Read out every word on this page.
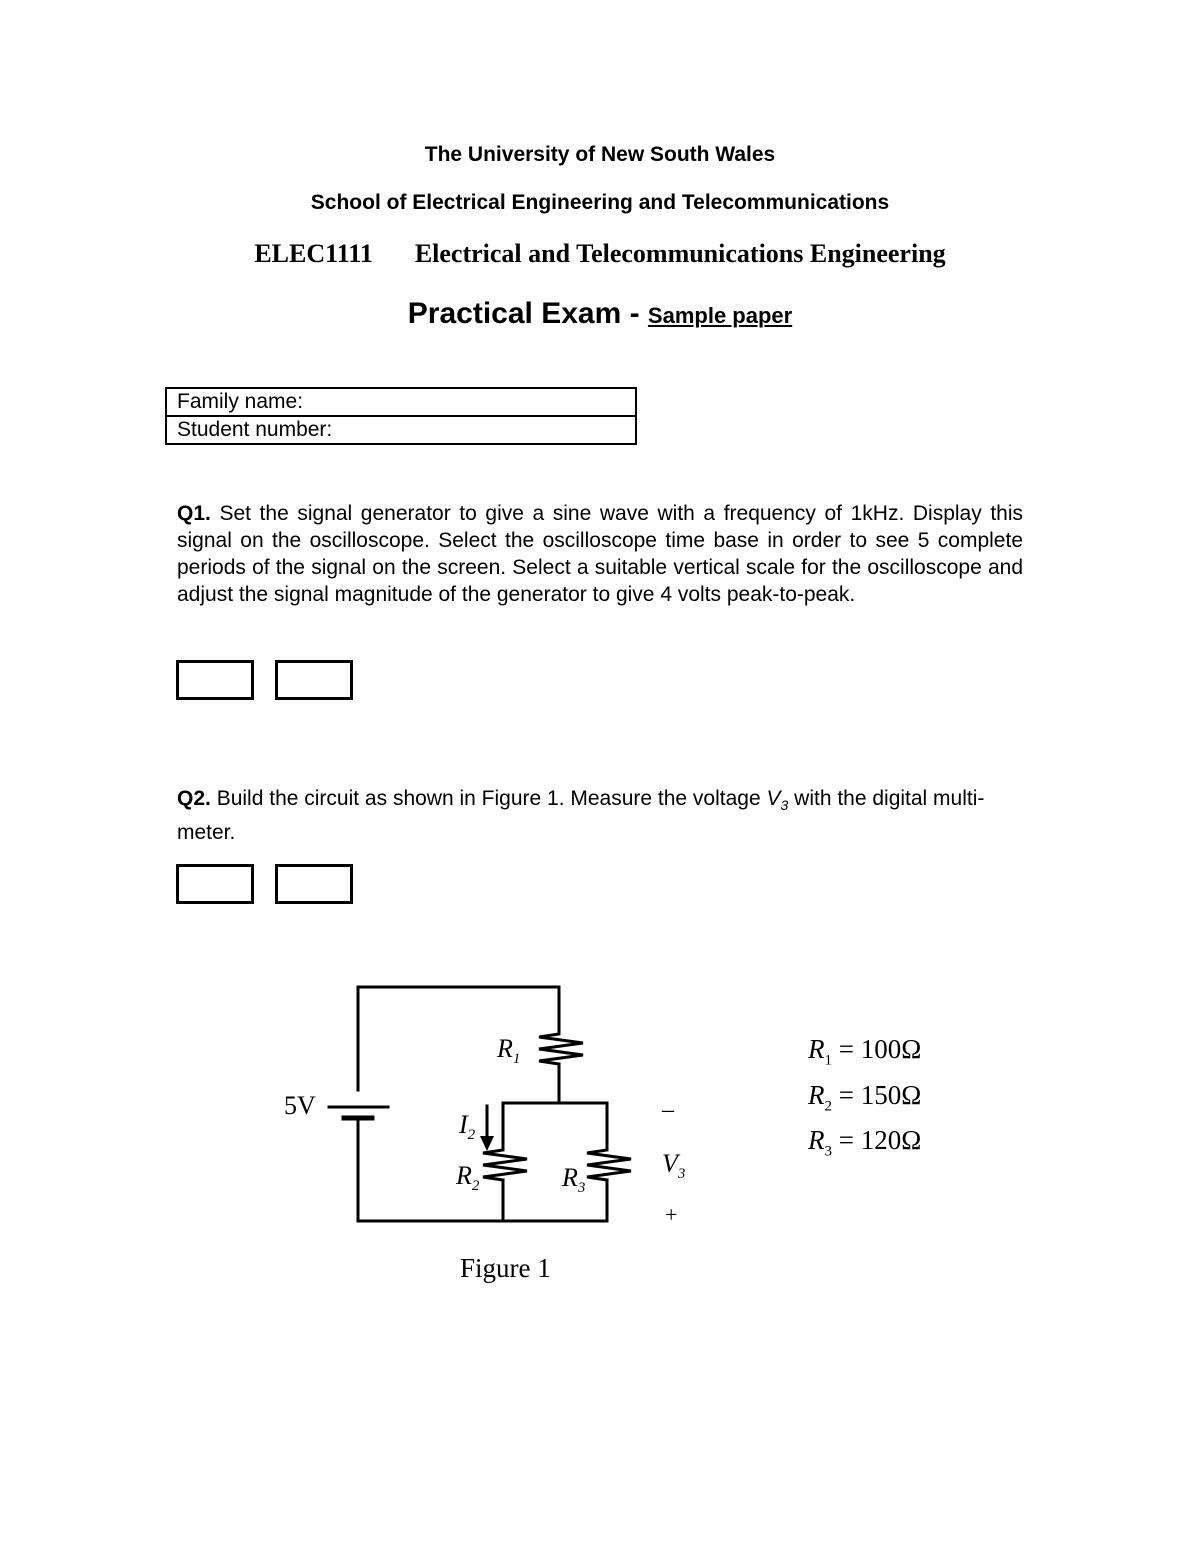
The University of New South Wales
School of Electrical Engineering and Telecommunications
ELEC1111 Electrical and Telecommunications Engineering
Practical Exam - Sample paper
Family name:
Student number:
Q1. Set the signal generator to give a sine wave with a frequency of 1kHz. Display this signal on the oscilloscope. Select the oscilloscope time base in order to see 5 complete periods of the signal on the screen. Select a suitable vertical scale for the oscilloscope and adjust the signal magnitude of the generator to give 4 volts peak-to-peak.
Q2. Build the circuit as shown in Figure 1. Measure the voltage $V_3$ with the digital multi-meter.
5V
$R_1$
$I_2$
$R_2$	$R_3$
–
$V_3$
+
$R_1 = 100\Omega$
$R_2 = 150\Omega$
$R_3 = 120\Omega$
Figure 1
